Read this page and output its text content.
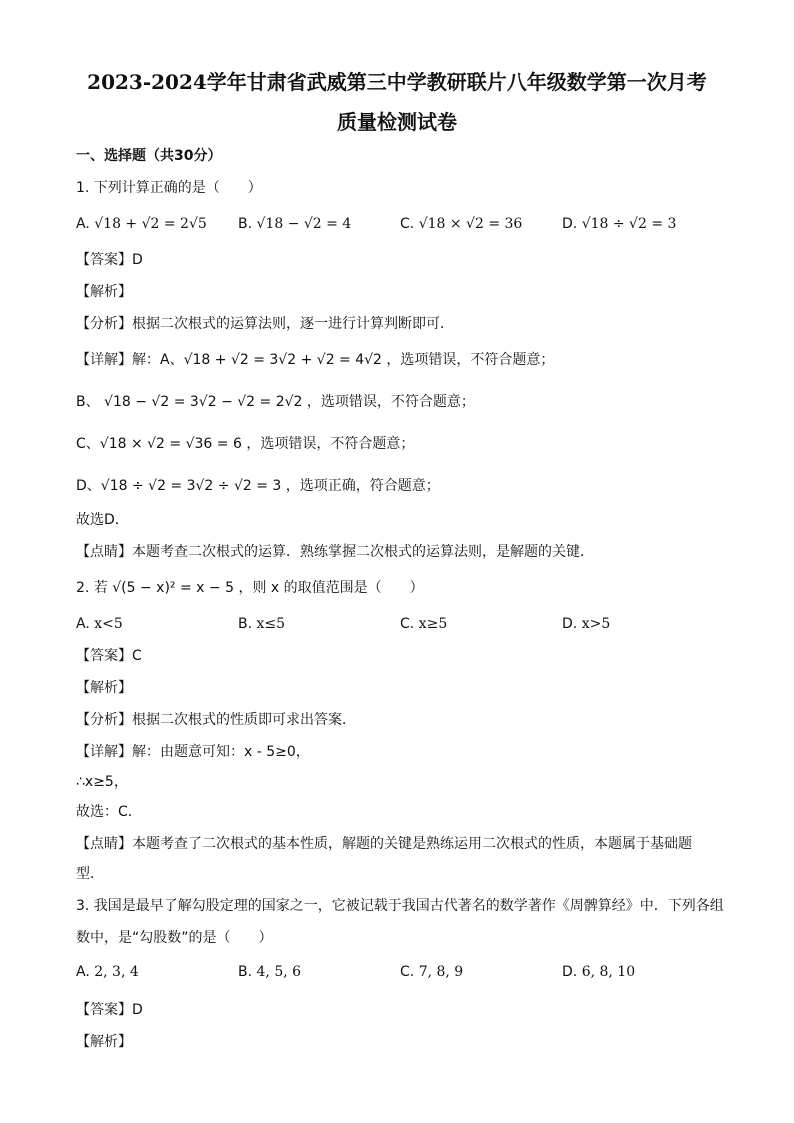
2023-2024学年甘肃省武威第三中学教研联片八年级数学第一次月考
质量检测试卷
一、选择题（共30分）
1. 下列计算正确的是（　　）
A. √18 + √2 = 2√5 B. √18 − √2 = 4	C. √18 × √2 = 36	D. √18 ÷ √2 = 3
【答案】D
【解析】
【分析】根据二次根式的运算法则，逐一进行计算判断即可．
【详解】解：A、√18 + √2 = 3√2 + √2 = 4√2 ，选项错误，不符合题意；
B、 √18 − √2 = 3√2 − √2 = 2√2 ，选项错误，不符合题意；
C、√18 × √2 = √36 = 6 ，选项错误，不符合题意；
D、√18 ÷ √2 = 3√2 ÷ √2 = 3 ，选项正确，符合题意；
故选D．
【点睛】本题考查二次根式的运算．熟练掌握二次根式的运算法则，是解题的关键．
2. 若 √(5 − x)² = x − 5 ，则 x 的取值范围是（　　）
A. x<5	B. x≤5	C. x≥5	D. x>5
【答案】C
【解析】
【分析】根据二次根式的性质即可求出答案．
【详解】解：由题意可知：x - 5≥0，
∴x≥5，
故选：C．
【点睛】本题考查了二次根式的基本性质，解题的关键是熟练运用二次根式的性质，本题属于基础题
型．
3. 我国是最早了解勾股定理的国家之一，它被记载于我国古代著名的数学著作《周髀算经》中．下列各组
数中，是“勾股数”的是（　　）
A. 2, 3, 4	B. 4, 5, 6	C. 7, 8, 9	D. 6, 8, 10
【答案】D
【解析】
